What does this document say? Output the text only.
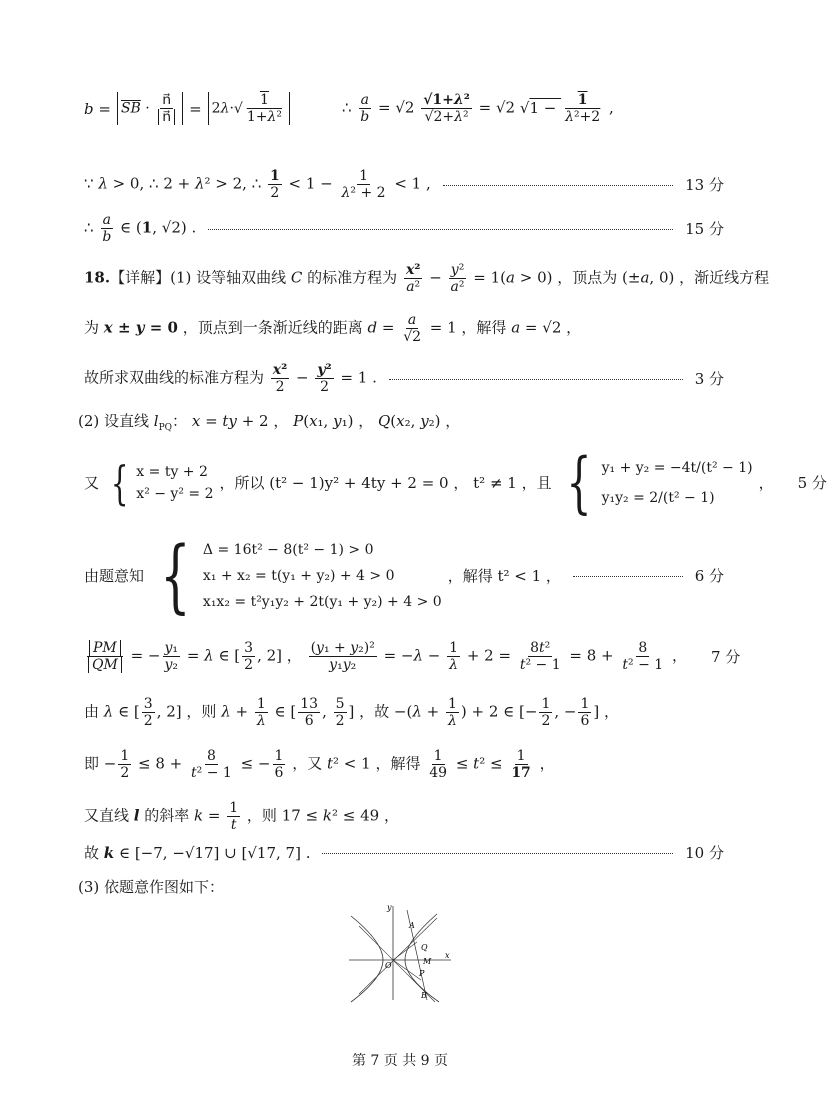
$b = \overline{SB} \cdot \frac{n⃗}{n⃗} = 2\lambda\cdot$ √ $\frac{1}{\text{1+λ²}}$	∴ $\frac{a}{b} = √2 \frac{\text{√1+λ²}}{\text{√2+λ²}} = √2$ √ $1 - \frac{1}{\text{λ²+2}}$ ,
∵ λ > 0, ∴ 2 + λ² > 2, ∴ $\frac{1}{2} < 1 - \frac{1}{\text{λ² + 2}} < 1$ ,	13 分
∴ $\frac{a}{b}$ ∈ (1, √2) .	15 分
18.【详解】(1) 设等轴双曲线 C 的标准方程为 $\frac{\text{x²}}{\text{a²}} - \frac{\text{y²}}{\text{a²}} = 1(a > 0)$ ，顶点为 (±a, 0) ，渐近线方程
为 x ± y = 0 ，顶点到一条渐近线的距离 $d = \frac{a}{√2} = 1$ ，解得 a = √2 ，
故所求双曲线的标准方程为 $\frac{\text{x²}}{2} - \frac{\text{y²}}{2} = 1$ .	3 分
(2) 设直线 $l_{PQ}$： x = ty + 2 ， P(x₁, y₁) ， Q(x₂, y₂) ，
又 { x = ty + 2
x² − y² = 2
，所以 (t² − 1)y² + 4ty + 2 = 0 ， t² ≠ 1 ，且 { y₁ + y₂ = −4t/(t² − 1)
y₁y₂ = 2/(t² − 1)
， 5 分
由题意知 { Δ = 16t² − 8(t² − 1) > 0
x₁ + x₂ = t(y₁ + y₂) + 4 > 0
x₁x₂ = t²y₁y₂ + 2t(y₁ + y₂) + 4 > 0
，解得 t² < 1 ，	6 分
$\frac{PM}{QM}$ = − $\frac{\text{y₁}}{\text{y₂}} = \lambda$ ∈ [ $\frac{3}{2}$ , 2] ， $\frac{\text{(y₁ + y₂)²}}{\text{y₁y₂}} = -\lambda - \frac{1}{\lambda} + 2 = \frac{\text{8t²}}{\text{t² − 1}} = 8 + \frac{8}{\text{t² − 1}}$ ， 7 分
由 λ ∈ [ $\frac{3}{2}$ , 2] ，则 $\lambda + \frac{1}{\lambda}$ ∈ [ $\frac{13}{6}$ , $\frac{5}{2}$ ] ，故 $-(\lambda + \frac{1}{\lambda}$ ) + 2 ∈ [− $\frac{1}{2}$ , − $\frac{1}{6}$ ] ，
即 − $\frac{1}{2} \le 8 + \frac{8}{\text{t² − 1}}$ ≤ − $\frac{1}{6}$ ，又 t² < 1 ，解得 $\frac{1}{49} \le t^2 \le \frac{1}{17}$ ，
又直线 l 的斜率 $k = \frac{1}{t}$ ，则 17 ≤ k² ≤ 49 ，
故 k ∈ [−7, −√17] ∪ [√17, 7] .	10 分
(3) 依题意作图如下：
y
x
O
A
Q
M
P
B
第 7 页 共 9 页
